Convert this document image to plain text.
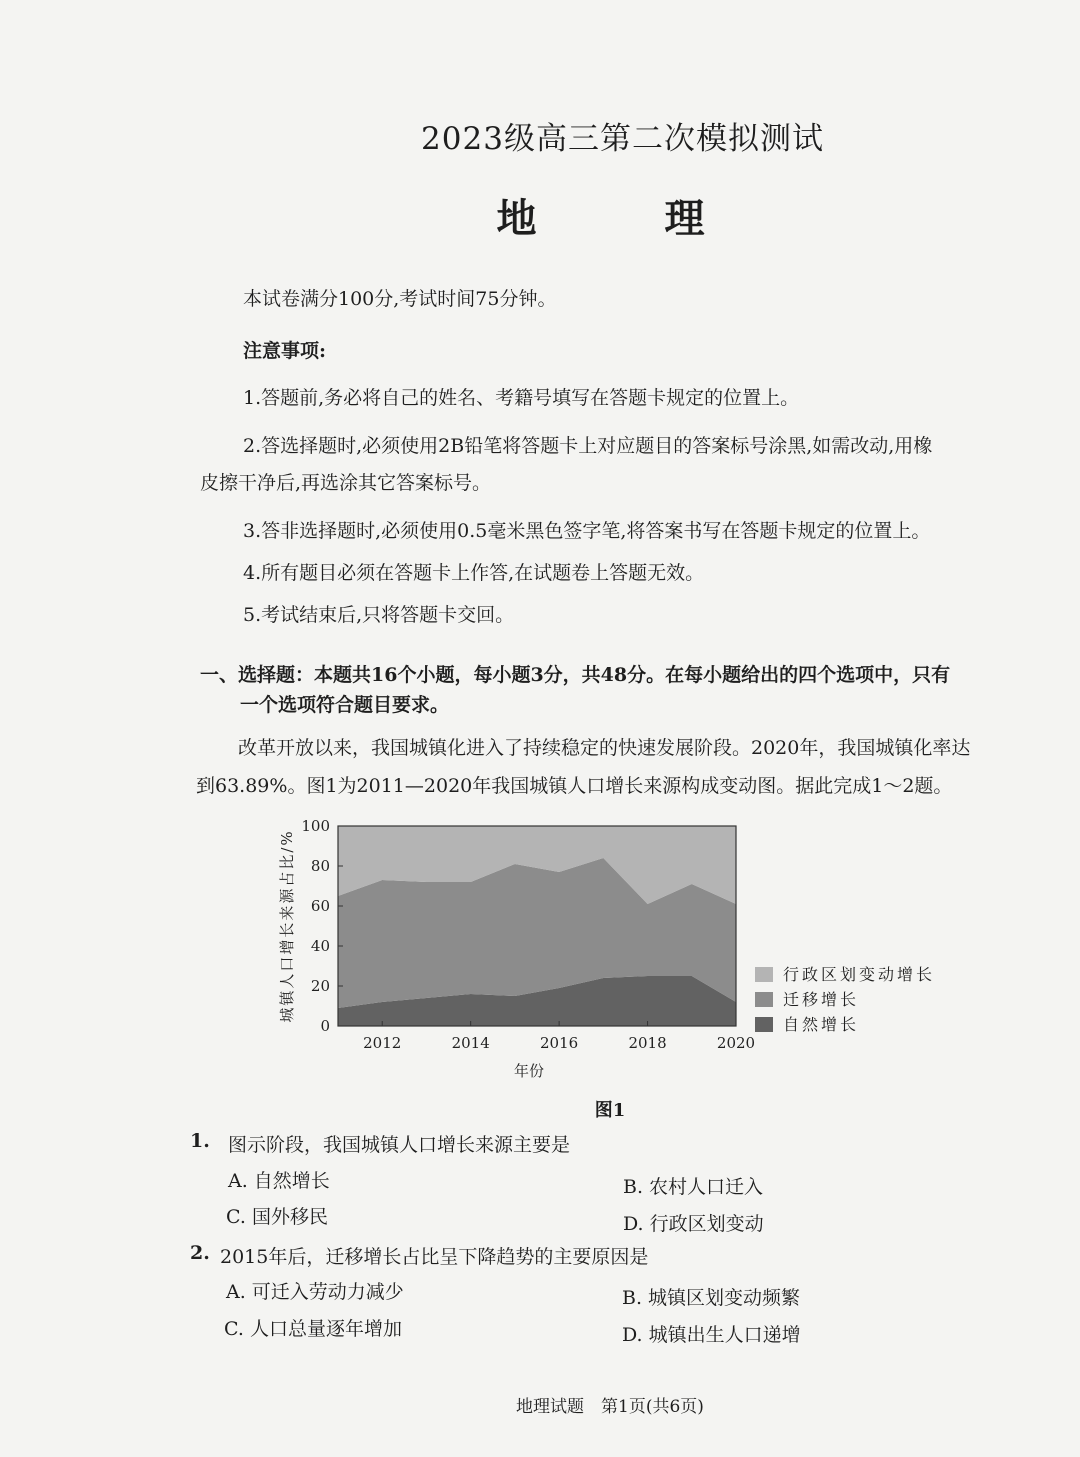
2023级高三第二次模拟测试
地　理
本试卷满分100分,考试时间75分钟。
注意事项:
1.答题前,务必将自己的姓名、考籍号填写在答题卡规定的位置上。
2.答选择题时,必须使用2B铅笔将答题卡上对应题目的答案标号涂黑,如需改动,用橡
皮擦干净后,再选涂其它答案标号。
3.答非选择题时,必须使用0.5毫米黑色签字笔,将答案书写在答题卡规定的位置上。
4.所有题目必须在答题卡上作答,在试题卷上答题无效。
5.考试结束后,只将答题卡交回。
一、选择题：本题共16个小题，每小题3分，共48分。在每小题给出的四个选项中，只有
一个选项符合题目要求。
改革开放以来，我国城镇化进入了持续稳定的快速发展阶段。2020年，我国城镇化率达
到63.89%。图1为2011—2020年我国城镇人口增长来源构成变动图。据此完成1～2题。
0
20
40
60
80
100
2012	2014	2016	2018	2020
城镇人口增长来源占比/%
年份
行政区划变动增长
迁移增长
自然增长
图1
1. 图示阶段，我国城镇人口增长来源主要是
A. 自然增长	B. 农村人口迁入
C. 国外移民	D. 行政区划变动
2. 2015年后，迁移增长占比呈下降趋势的主要原因是
A. 可迁入劳动力减少	B. 城镇区划变动频繁
C. 人口总量逐年增加	D. 城镇出生人口递增
地理试题　第1页(共6页)
